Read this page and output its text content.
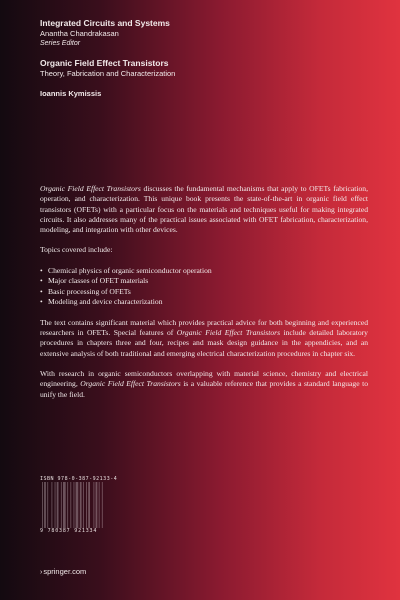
Integrated Circuits and Systems
Anantha Chandrakasan
Series Editor
Organic Field Effect Transistors
Theory, Fabrication and Characterization
Ioannis Kymissis

Organic Field Effect Transistors discusses the fundamental mechanisms that apply to OFETs fabrication, operation, and characterization. This unique book presents the state-of-the-art in organic field effect transistors (OFETs) with a particular focus on the materials and techniques useful for making integrated circuits. It also addresses many of the practical issues associated with OFET fabrication, characterization, modeling, and integration with other devices.

Topics covered include:

• Chemical physics of organic semiconductor operation
• Major classes of OFET materials
• Basic processing of OFETs
• Modeling and device characterization

The text contains significant material which provides practical advice for both beginning and experienced researchers in OFETs. Special features of Organic Field Effect Transistors include detailed laboratory procedures in chapters three and four, recipes and mask design guidance in the appendicies, and an extensive analysis of both traditional and emerging electrical characterization procedures in chapter six.

With research in organic semiconductors overlapping with material science, chemistry and electrical engineering, Organic Field Effect Transistors is a valuable reference that provides a standard language to unify the field.

ISBN 978-0-387-92133-4
9 780387 921334
›springer.com
